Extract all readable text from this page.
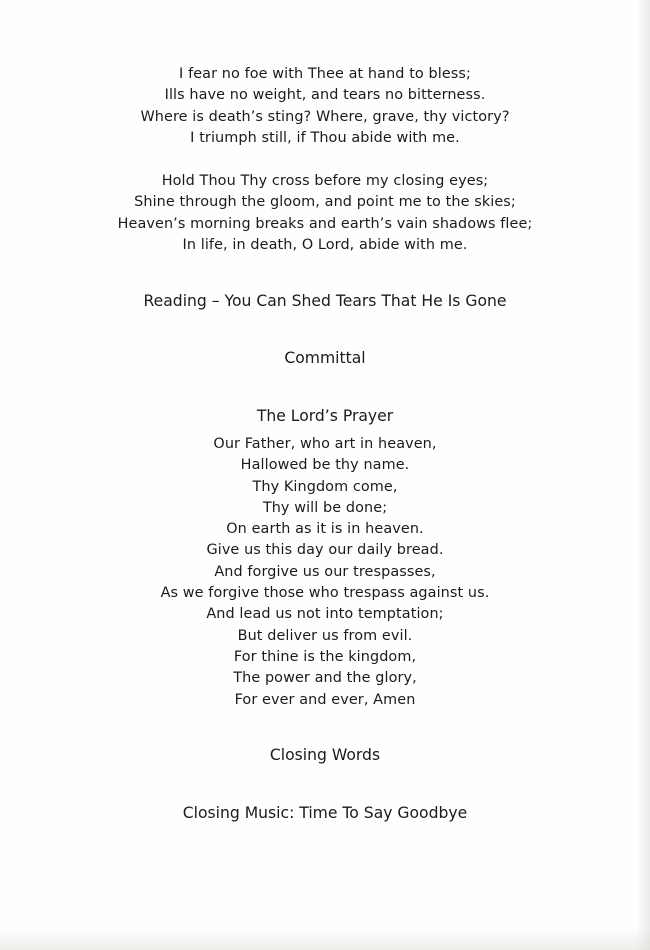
I fear no foe with Thee at hand to bless;
Ills have no weight, and tears no bitterness.
Where is death’s sting? Where, grave, thy victory?
I triumph still, if Thou abide with me.
Hold Thou Thy cross before my closing eyes;
Shine through the gloom, and point me to the skies;
Heaven’s morning breaks and earth’s vain shadows flee;
In life, in death, O Lord, abide with me.
Reading – You Can Shed Tears That He Is Gone
Committal
The Lord’s Prayer
Our Father, who art in heaven,
Hallowed be thy name.
Thy Kingdom come,
Thy will be done;
On earth as it is in heaven.
Give us this day our daily bread.
And forgive us our trespasses,
As we forgive those who trespass against us.
And lead us not into temptation;
But deliver us from evil.
For thine is the kingdom,
The power and the glory,
For ever and ever, Amen
Closing Words
Closing Music: Time To Say Goodbye
